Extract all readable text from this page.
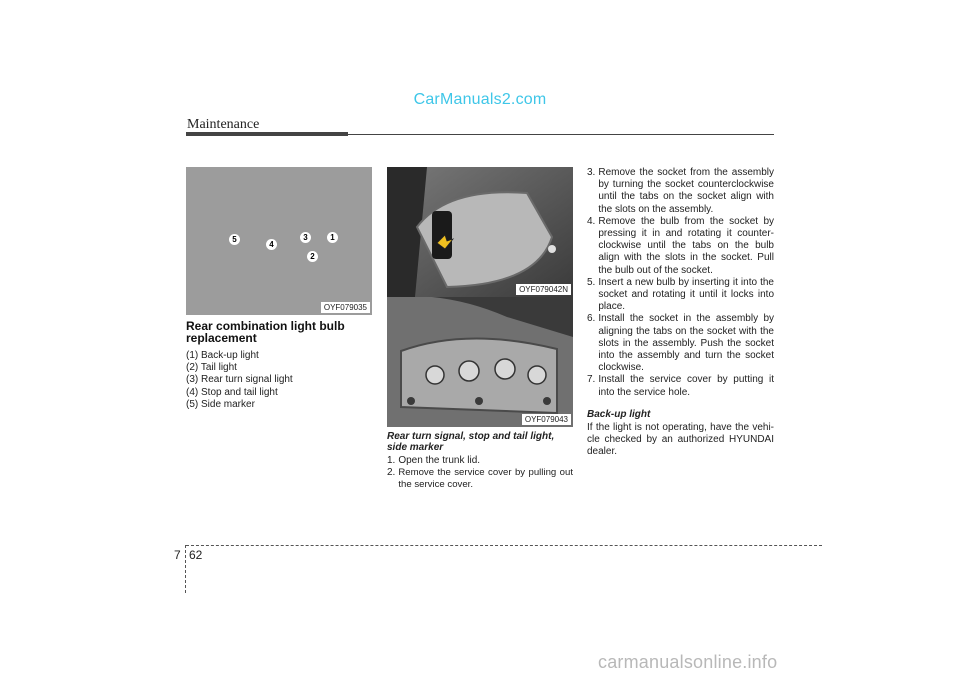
CarManuals2.com
Maintenance
5
4
3	1
2
OYF079035
OYF079042N
OYF079043
Rear combination light bulb replacement
(1) Back-up light
(2) Tail light
(3) Rear turn signal light
(4) Stop and tail light
(5) Side marker
Rear turn signal, stop and tail light, side marker
1. Open the trunk lid.
2. Remove the service cover by pulling out the service cover.
3. Remove the socket from the assembly by turning the socket counterclockwise until the tabs on the socket align with the slots on the assembly.
4. Remove the bulb from the socket by pressing it in and rotating it counter-clockwise until the tabs on the bulb align with the slots in the socket. Pull the bulb out of the socket.
5. Insert a new bulb by inserting it into the socket and rotating it until it locks into place.
6. Install the socket in the assembly by aligning the tabs on the socket with the slots in the assembly. Push the socket into the assembly and turn the socket clockwise.
7. Install the service cover by putting it into the service hole.
Back-up light
If the light is not operating, have the vehi-cle checked by an authorized HYUNDAI dealer.
7 62
carmanualsonline.info
